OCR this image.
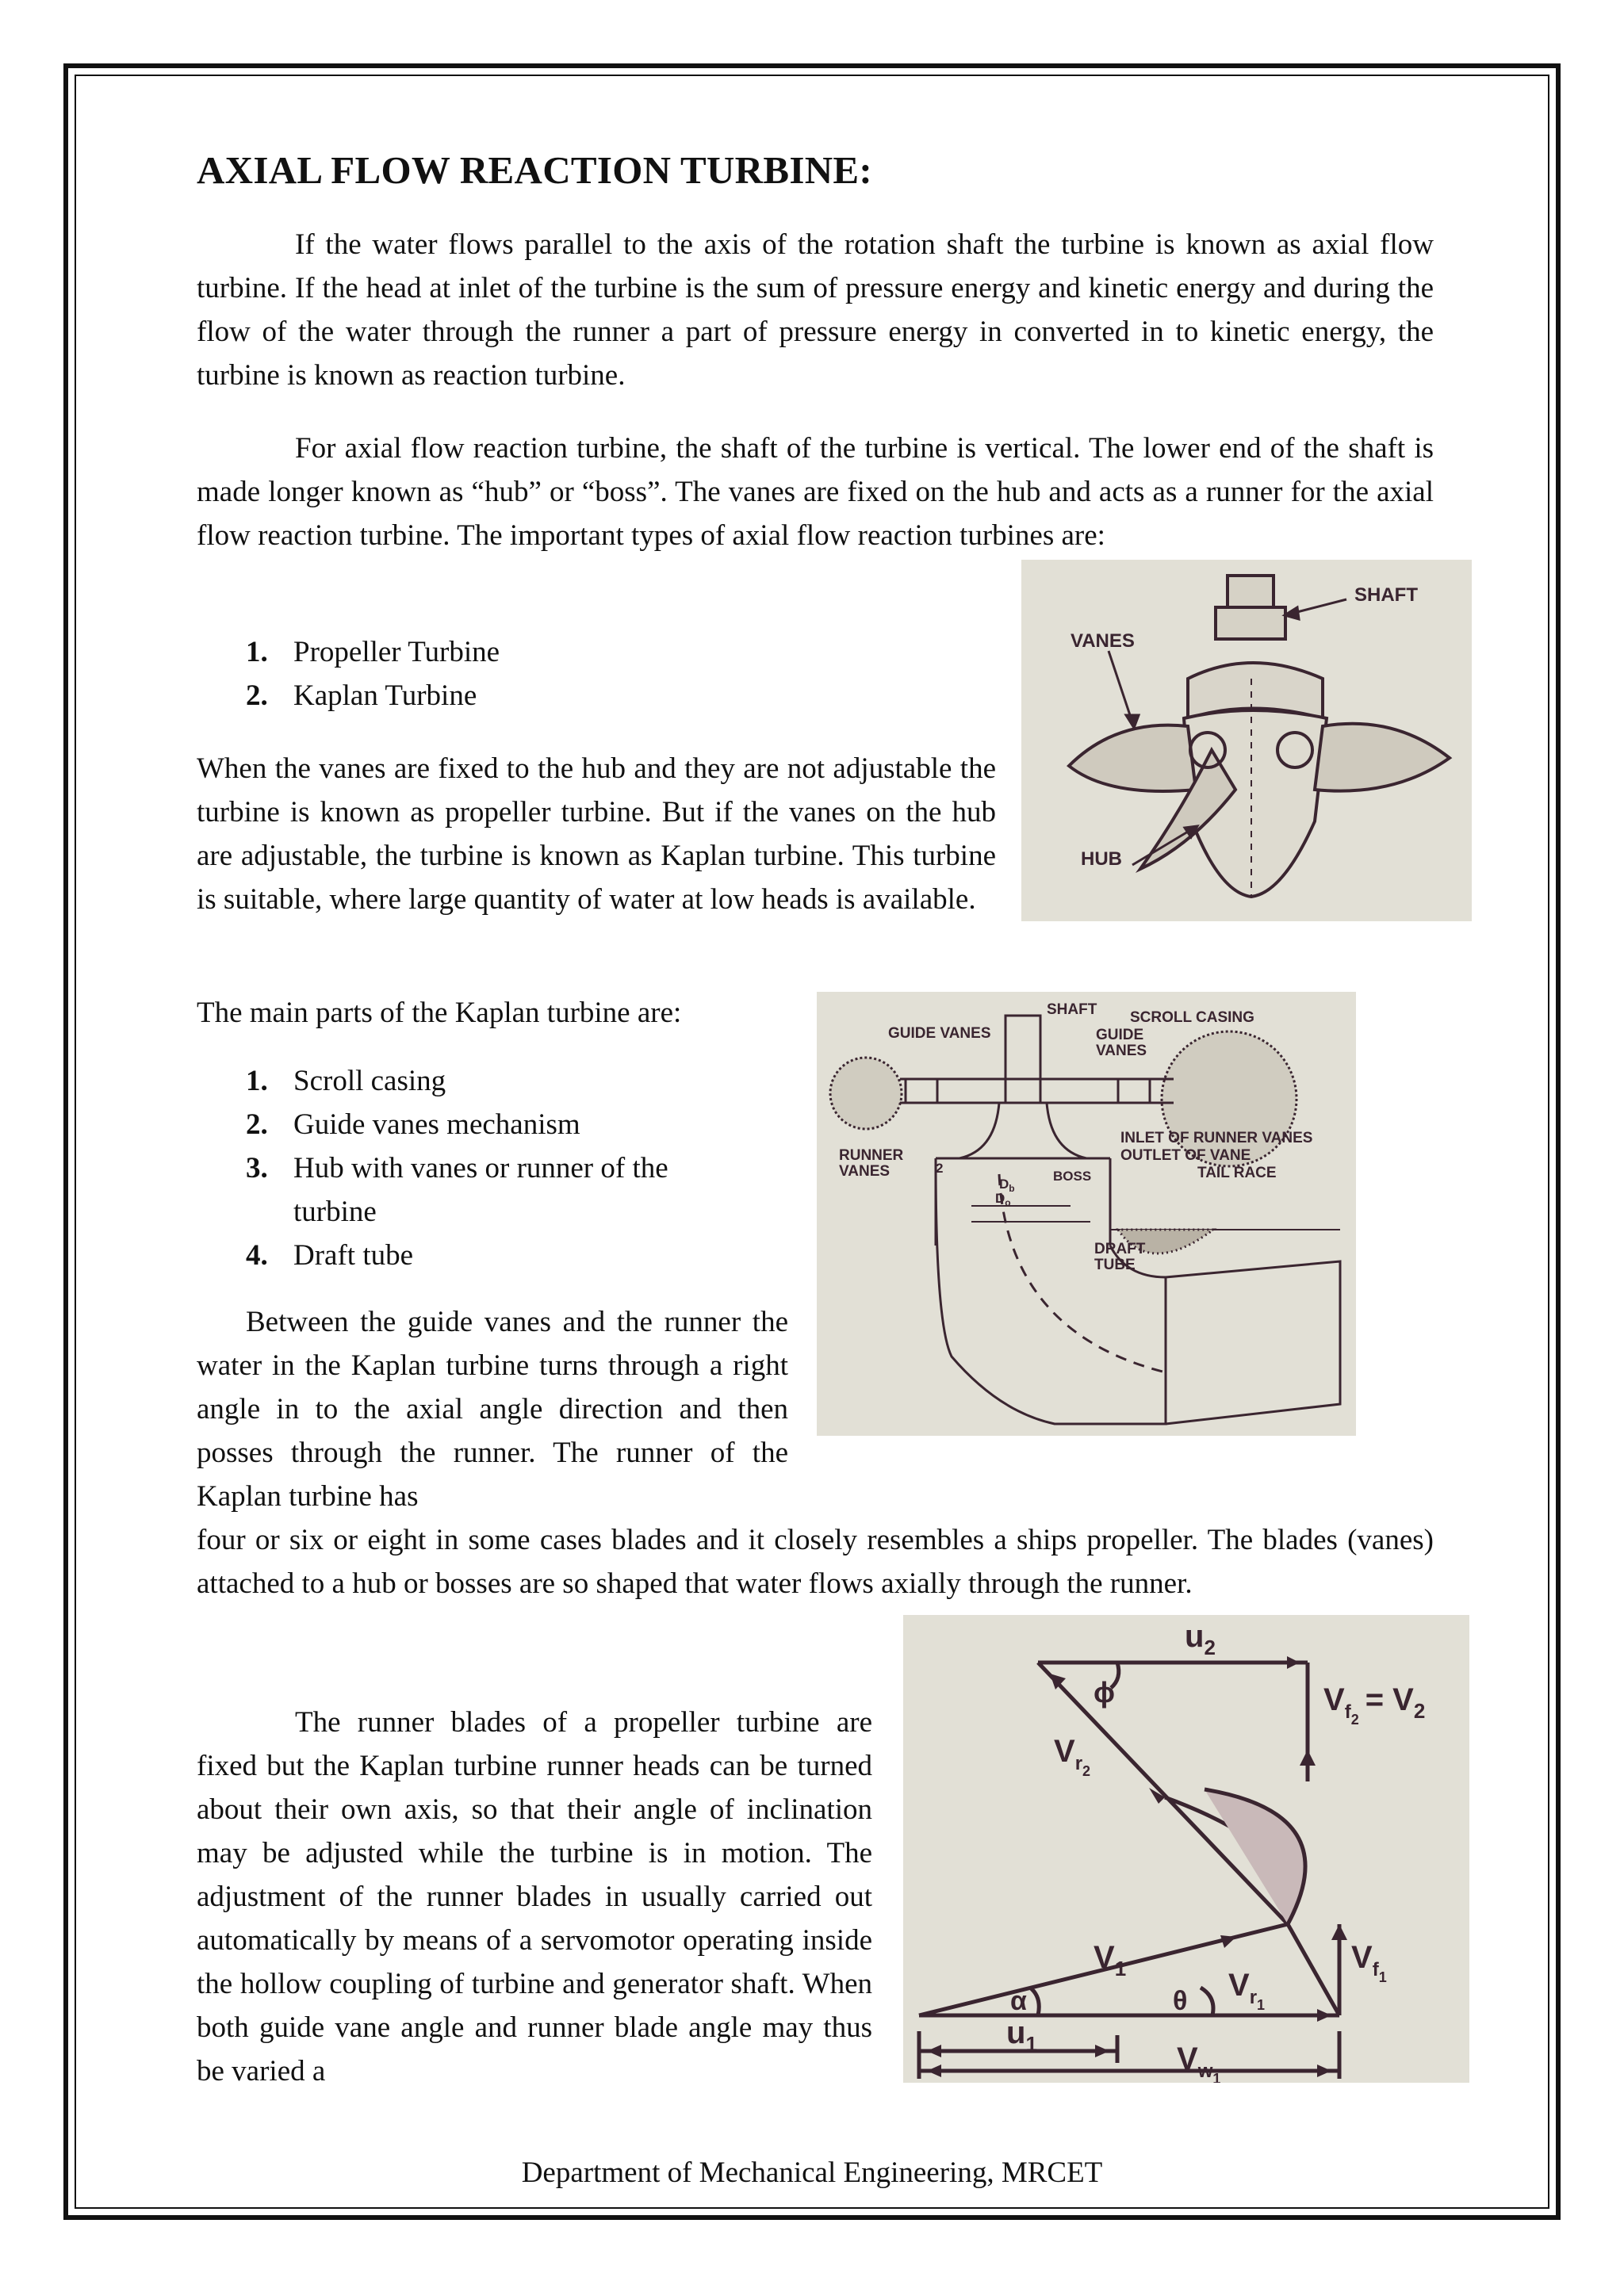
AXIAL FLOW REACTION TURBINE:

If the water flows parallel to the axis of the rotation shaft the turbine is known as axial flow turbine. If the head at inlet of the turbine is the sum of pressure energy and kinetic energy and during the flow of the water through the runner a part of pressure energy in converted in to kinetic energy, the turbine is known as reaction turbine.

For axial flow reaction turbine, the shaft of the turbine is vertical. The lower end of the shaft is made longer known as “hub” or “boss”. The vanes are fixed on the hub and acts as a runner for the axial flow reaction turbine. The important types of axial flow reaction turbines are:

1. Propeller Turbine
2. Kaplan Turbine

When the vanes are fixed to the hub and they are not adjustable the turbine is known as propeller turbine. But if the vanes on the hub are adjustable, the turbine is known as Kaplan turbine. This turbine is suitable, where large quantity of water at low heads is available.

The main parts of the Kaplan turbine are:
1. Scroll casing
2. Guide vanes mechanism
3. Hub with vanes or runner of the turbine
4. Draft tube

Between the guide vanes and the runner the water in the Kaplan turbine turns through a right angle in to the axial angle direction and then posses through the runner. The runner of the Kaplan turbine has

four or six or eight in some cases blades and it closely resembles a ships propeller. The blades (vanes) attached to a hub or bosses are so shaped that water flows axially through the runner.

The runner blades of a propeller turbine are fixed but the Kaplan turbine runner heads can be turned about their own axis, so that their angle of inclination may be adjusted while the turbine is in motion. The adjustment of the runner blades in usually carried out automatically by means of a servomotor operating inside the hollow coupling of turbine and generator shaft. When both guide vane angle and runner blade angle may thus be varied a

SHAFT
VANES
HUB
SHAFT SCROLL CASING
GUIDE VANES	GUIDE
VANES
RUNNER
VANES
INLET OF RUNNER VANES
OUTLET OF VANE
TAIL RACE
BOSS
2
$D_b$
$D_o$
DRAFT
TUBE
$u_2$
ϕ	$V_{f2}= V_2$
$V_{r2}$
$V_1$	$V_{r1}$
$V_{f1}$
α	θ
$u_1$	$V_{w1}$
Department of Mechanical Engineering, MRCET
